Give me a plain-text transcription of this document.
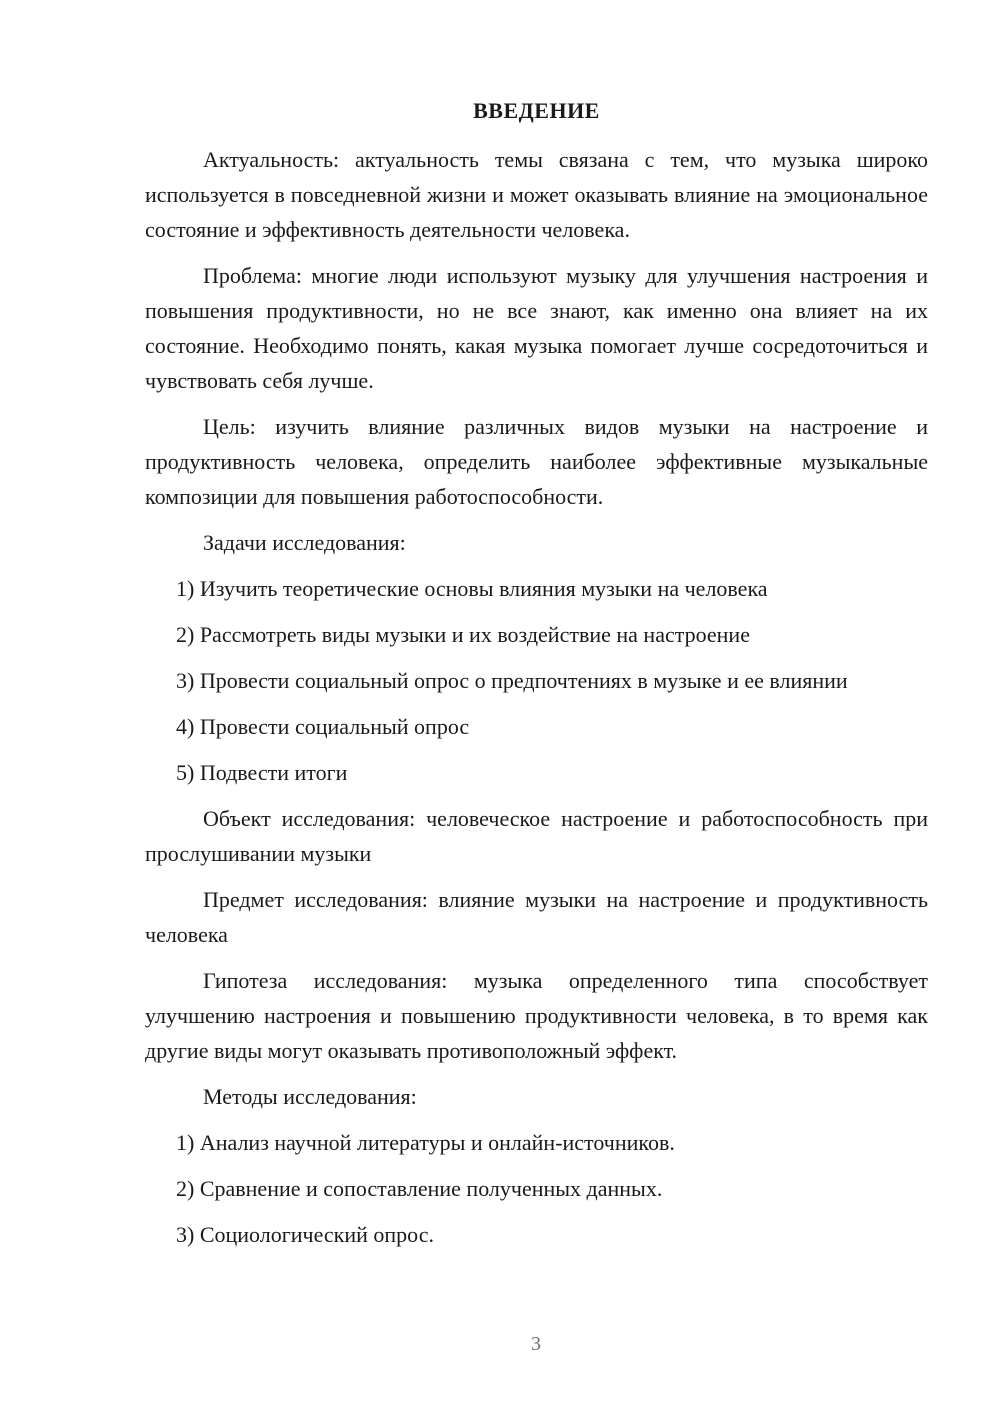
ВВЕДЕНИЕ

Актуальность: актуальность темы связана с тем, что музыка широко используется в повседневной жизни и может оказывать влияние на эмоциональное состояние и эффективность деятельности человека.

Проблема: многие люди используют музыку для улучшения настроения и повышения продуктивности, но не все знают, как именно она влияет на их состояние. Необходимо понять, какая музыка помогает лучше сосредоточиться и чувствовать себя лучше.

Цель: изучить влияние различных видов музыки на настроение и продуктивность человека, определить наиболее эффективные музыкальные композиции для повышения работоспособности.

Задачи исследования:

1) Изучить теоретические основы влияния музыки на человека
2) Рассмотреть виды музыки и их воздействие на настроение
3) Провести социальный опрос о предпочтениях в музыке и ее влиянии
4) Провести социальный опрос
5) Подвести итоги

Объект исследования: человеческое настроение и работоспособность при прослушивании музыки

Предмет исследования: влияние музыки на настроение и продуктивность человека

Гипотеза исследования: музыка определенного типа способствует улучшению настроения и повышению продуктивности человека, в то время как другие виды могут оказывать противоположный эффект.

Методы исследования:

1) Анализ научной литературы и онлайн-источников.
2) Сравнение и сопоставление полученных данных.
3) Социологический опрос.
3
